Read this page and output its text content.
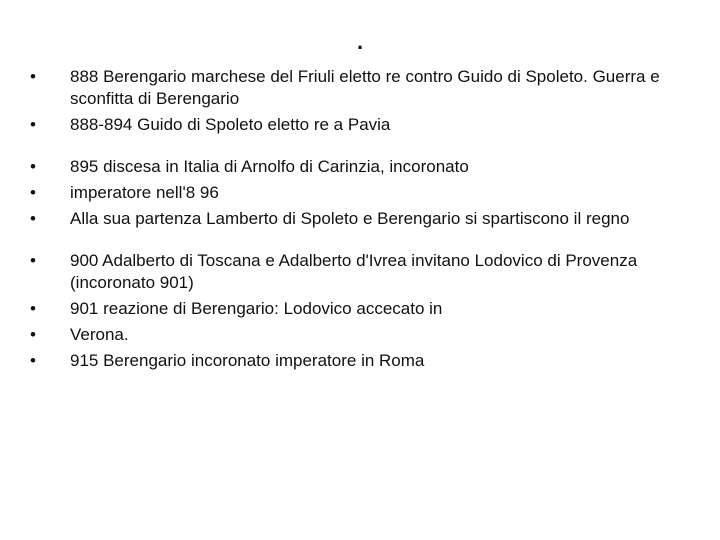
.
•	888 Berengario marchese del Friuli eletto re contro Guido di Spoleto. Guerra e sconfitta di Berengario
•	888-894 Guido di Spoleto eletto re a Pavia
•	895 discesa in Italia di Arnolfo di Carinzia, incoronato
•	imperatore nell'8 96
•	Alla sua partenza Lamberto di Spoleto e Berengario si spartiscono il regno
•	900 Adalberto di Toscana e Adalberto d'Ivrea invitano Lodovico di Provenza (incoronato 901)
•	901 reazione di Berengario: Lodovico accecato in
•	Verona.
•	915 Berengario incoronato imperatore in Roma
